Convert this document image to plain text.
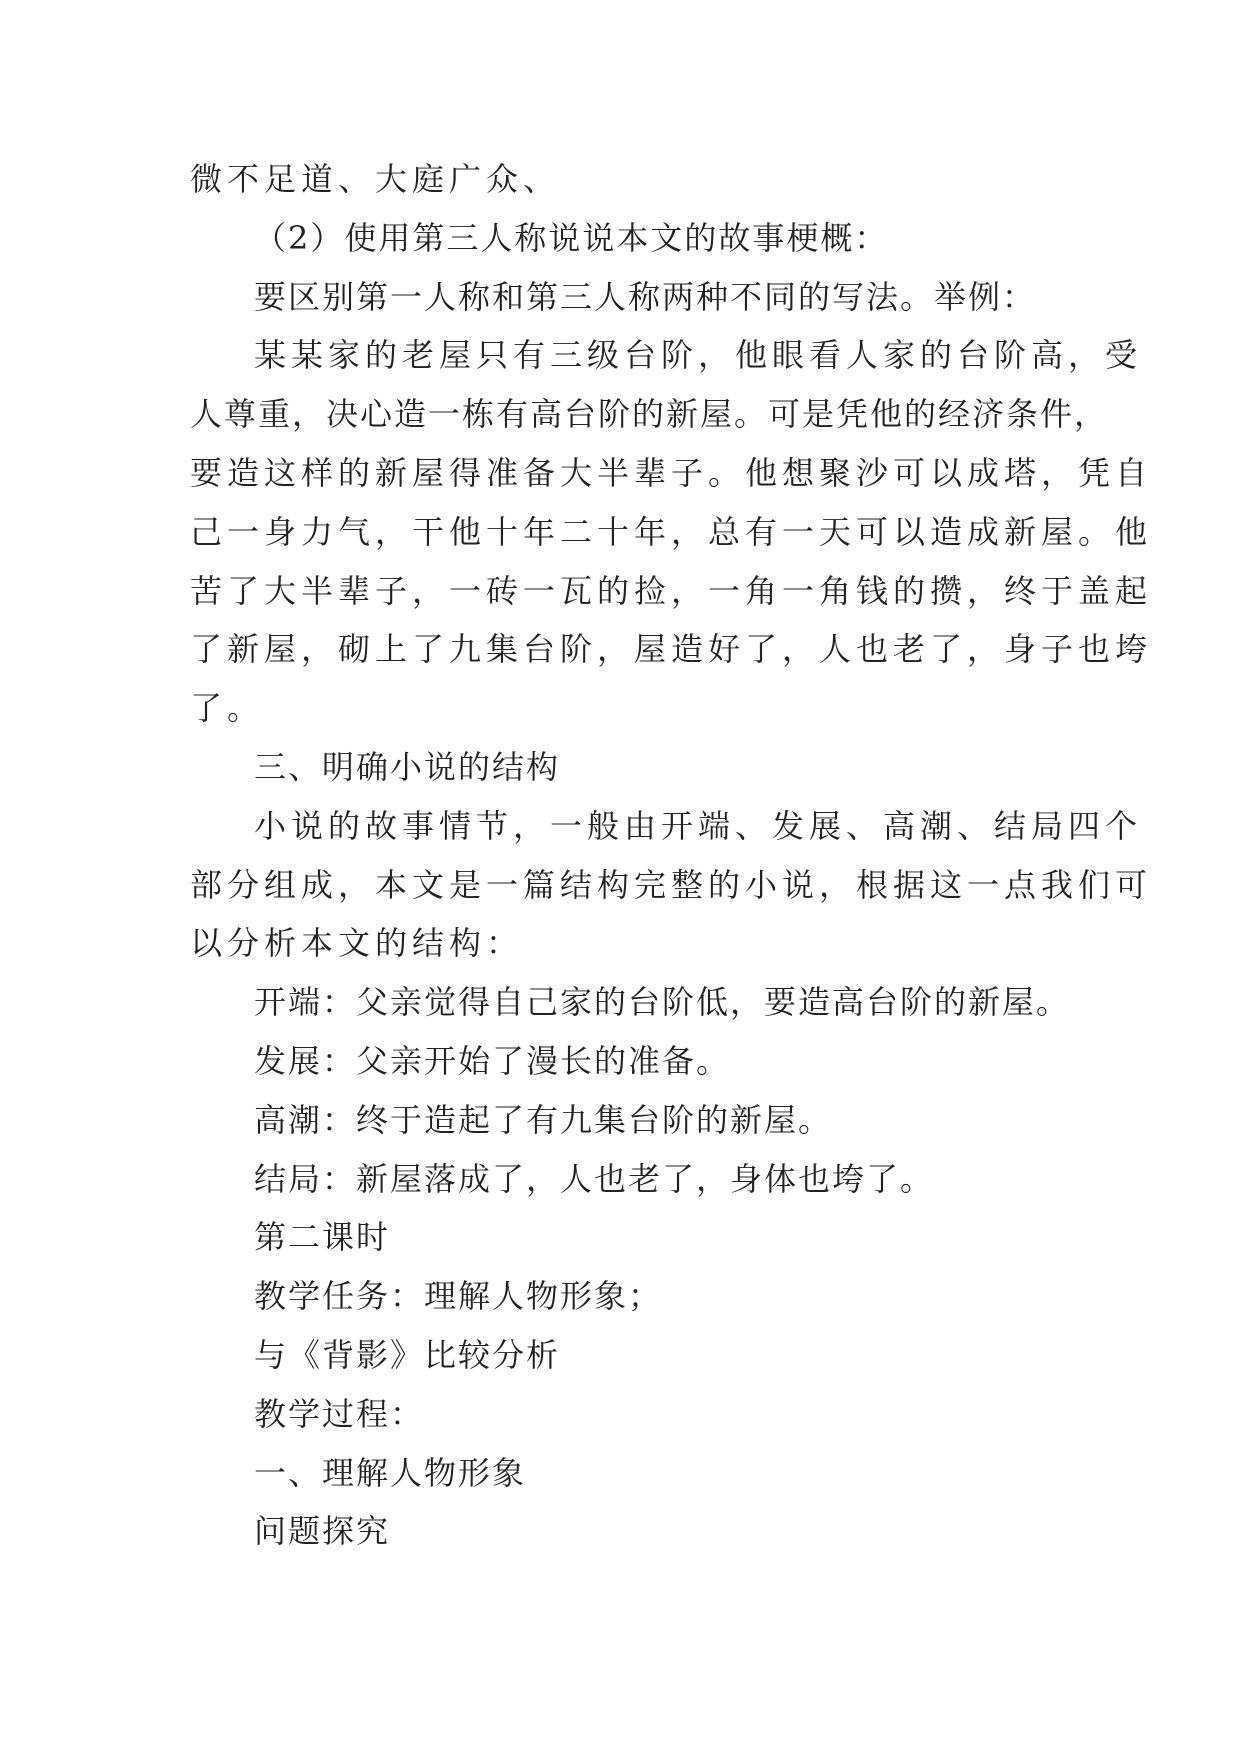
微不足道、大庭广众、
（2）使用第三人称说说本文的故事梗概：
要区别第一人称和第三人称两种不同的写法。举例：
某某家的老屋只有三级台阶，他眼看人家的台阶高，受
人尊重，决心造一栋有高台阶的新屋。可是凭他的经济条件，
要造这样的新屋得准备大半辈子。他想聚沙可以成塔，凭自
己一身力气，干他十年二十年，总有一天可以造成新屋。他
苦了大半辈子，一砖一瓦的捡，一角一角钱的攒，终于盖起
了新屋，砌上了九集台阶，屋造好了，人也老了，身子也垮
了。
三、明确小说的结构
小说的故事情节，一般由开端、发展、高潮、结局四个
部分组成，本文是一篇结构完整的小说，根据这一点我们可
以分析本文的结构：
开端：父亲觉得自己家的台阶低，要造高台阶的新屋。
发展：父亲开始了漫长的准备。
高潮：终于造起了有九集台阶的新屋。
结局：新屋落成了，人也老了，身体也垮了。
第二课时
教学任务：理解人物形象；
与《背影》比较分析
教学过程：
一、理解人物形象
问题探究
